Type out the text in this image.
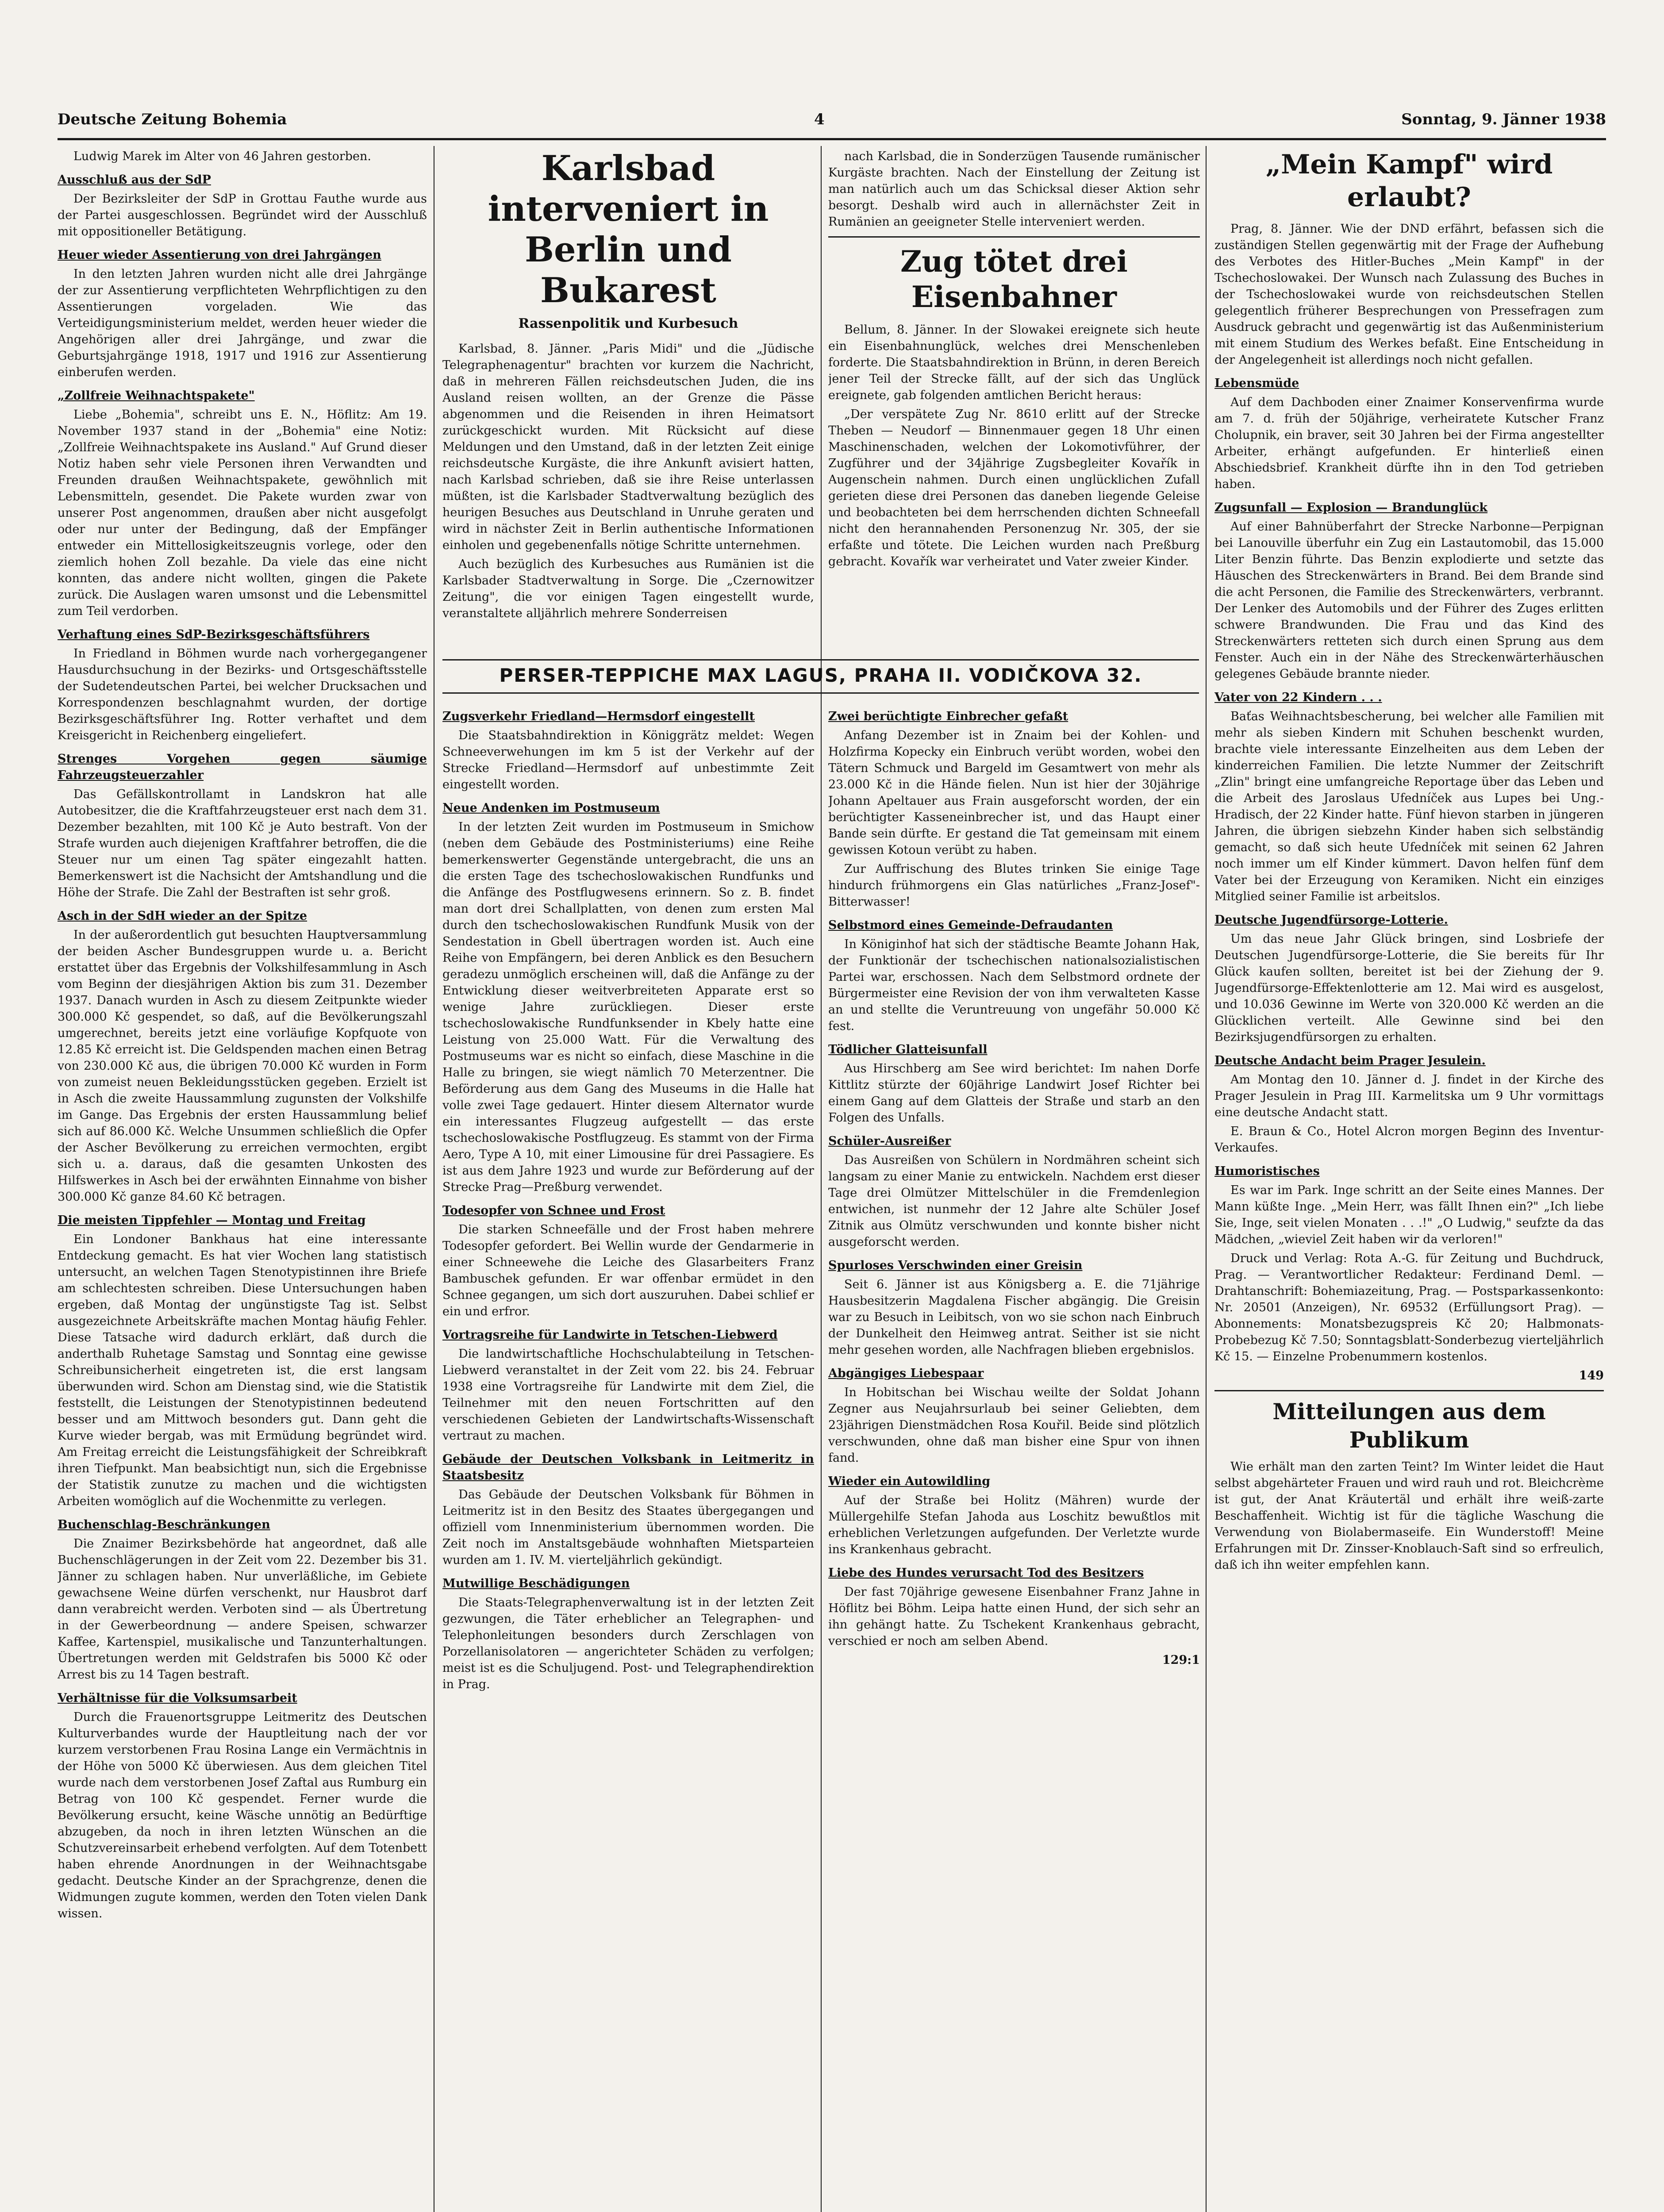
Deutsche Zeitung Bohemia	4	Sonntag, 9. Jänner 1938

Ludwig Marek im Alter von 46 Jahren gestorben.

Ausschluß aus der SdP

Der Bezirksleiter der SdP in Grottau Fauthe wurde aus der Partei ausgeschlossen. Begründet wird der Ausschluß mit oppositioneller Betätigung.

Heuer wieder Assentierung von drei Jahrgängen

In den letzten Jahren wurden nicht alle drei Jahrgänge der zur Assentierung verpflichteten Wehrpflichtigen zu den Assentierungen vorgeladen. Wie das Verteidigungsministerium meldet, werden heuer wieder die Angehörigen aller drei Jahrgänge, und zwar die Geburtsjahrgänge 1918, 1917 und 1916 zur Assentierung einberufen werden.

„Zollfreie Weihnachtspakete"

Liebe „Bohemia", schreibt uns E. N., Höflitz: Am 19. November 1937 stand in der „Bohemia" eine Notiz: „Zollfreie Weihnachtspakete ins Ausland." Auf Grund dieser Notiz haben sehr viele Personen ihren Verwandten und Freunden draußen Weihnachtspakete, gewöhnlich mit Lebensmitteln, gesendet. Die Pakete wurden zwar von unserer Post angenommen, draußen aber nicht ausgefolgt oder nur unter der Bedingung, daß der Empfänger entweder ein Mittellosigkeitszeugnis vorlege, oder den ziemlich hohen Zoll bezahle. Da viele das eine nicht konnten, das andere nicht wollten, gingen die Pakete zurück. Die Auslagen waren umsonst und die Lebensmittel zum Teil verdorben.

Verhaftung eines SdP-Bezirksgeschäftsführers

In Friedland in Böhmen wurde nach vorhergegangener Hausdurchsuchung in der Bezirks- und Ortsgeschäftsstelle der Sudetendeutschen Partei, bei welcher Drucksachen und Korrespondenzen beschlagnahmt wurden, der dortige Bezirksgeschäftsführer Ing. Rotter verhaftet und dem Kreisgericht in Reichenberg eingeliefert.

Strenges Vorgehen gegen säumige Fahrzeugsteuerzahler

Das Gefällskontrollamt in Landskron hat alle Autobesitzer, die die Kraftfahrzeugsteuer erst nach dem 31. Dezember bezahlten, mit 100 Kč je Auto bestraft. Von der Strafe wurden auch diejenigen Kraftfahrer betroffen, die die Steuer nur um einen Tag später eingezahlt hatten. Bemerkenswert ist die Nachsicht der Amtshandlung und die Höhe der Strafe. Die Zahl der Bestraften ist sehr groß.

Asch in der SdH wieder an der Spitze

In der außerordentlich gut besuchten Hauptversammlung der beiden Ascher Bundesgruppen wurde u. a. Bericht erstattet über das Ergebnis der Volkshilfesammlung in Asch vom Beginn der diesjährigen Aktion bis zum 31. Dezember 1937. Danach wurden in Asch zu diesem Zeitpunkte wieder 300.000 Kč gespendet, so daß, auf die Bevölkerungszahl umgerechnet, bereits jetzt eine vorläufige Kopfquote von 12.85 Kč erreicht ist. Die Geldspenden machen einen Betrag von 230.000 Kč aus, die übrigen 70.000 Kč wurden in Form von zumeist neuen Bekleidungsstücken gegeben. Erzielt ist in Asch die zweite Haussammlung zugunsten der Volkshilfe im Gange. Das Ergebnis der ersten Haussammlung belief sich auf 86.000 Kč. Welche Unsummen schließlich die Opfer der Ascher Bevölkerung zu erreichen vermochten, ergibt sich u. a. daraus, daß die gesamten Unkosten des Hilfswerkes in Asch bei der erwähnten Einnahme von bisher 300.000 Kč ganze 84.60 Kč betragen.

Die meisten Tippfehler — Montag und Freitag

Ein Londoner Bankhaus hat eine interessante Entdeckung gemacht. Es hat vier Wochen lang statistisch untersucht, an welchen Tagen Stenotypistinnen ihre Briefe am schlechtesten schreiben. Diese Untersuchungen haben ergeben, daß Montag der ungünstigste Tag ist. Selbst ausgezeichnete Arbeitskräfte machen Montag häufig Fehler. Diese Tatsache wird dadurch erklärt, daß durch die anderthalb Ruhetage Samstag und Sonntag eine gewisse Schreibunsicherheit eingetreten ist, die erst langsam überwunden wird. Schon am Dienstag sind, wie die Statistik feststellt, die Leistungen der Stenotypistinnen bedeutend besser und am Mittwoch besonders gut. Dann geht die Kurve wieder bergab, was mit Ermüdung begründet wird. Am Freitag erreicht die Leistungsfähigkeit der Schreibkraft ihren Tiefpunkt. Man beabsichtigt nun, sich die Ergebnisse der Statistik zunutze zu machen und die wichtigsten Arbeiten womöglich auf die Wochenmitte zu verlegen.

Buchenschlag-Beschränkungen

Die Znaimer Bezirksbehörde hat angeordnet, daß alle Buchenschlägerungen in der Zeit vom 22. Dezember bis 31. Jänner zu schlagen haben. Nur unverläßliche, im Gebiete gewachsene Weine dürfen verschenkt, nur Hausbrot darf dann verabreicht werden. Verboten sind — als Übertretung in der Gewerbeordnung — andere Speisen, schwarzer Kaffee, Kartenspiel, musikalische und Tanzunterhaltungen. Übertretungen werden mit Geldstrafen bis 5000 Kč oder Arrest bis zu 14 Tagen bestraft.

Verhältnisse für die Volksumsarbeit

Durch die Frauenortsgruppe Leitmeritz des Deutschen Kulturverbandes wurde der Hauptleitung nach der vor kurzem verstorbenen Frau Rosina Lange ein Vermächtnis in der Höhe von 5000 Kč überwiesen. Aus dem gleichen Titel wurde nach dem verstorbenen Josef Zaftal aus Rumburg ein Betrag von 100 Kč gespendet. Ferner wurde die Bevölkerung ersucht, keine Wäsche unnötig an Bedürftige abzugeben, da noch in ihren letzten Wünschen an die Schutzvereinsarbeit erhebend verfolgten. Auf dem Totenbett haben ehrende Anordnungen in der Weihnachtsgabe gedacht. Deutsche Kinder an der Sprachgrenze, denen die Widmungen zugute kommen, werden den Toten vielen Dank wissen.

Karlsbad interveniert in Berlin und Bukarest
Rassenpolitik und Kurbesuch

Karlsbad, 8. Jänner. „Paris Midi" und die „Jüdische Telegraphenagentur" brachten vor kurzem die Nachricht, daß in mehreren Fällen reichsdeutschen Juden, die ins Ausland reisen wollten, an der Grenze die Pässe abgenommen und die Reisenden in ihren Heimatsort zurückgeschickt wurden. Mit Rücksicht auf diese Meldungen und den Umstand, daß in der letzten Zeit einige reichsdeutsche Kurgäste, die ihre Ankunft avisiert hatten, nach Karlsbad schrieben, daß sie ihre Reise unterlassen müßten, ist die Karlsbader Stadtverwaltung bezüglich des heurigen Besuches aus Deutschland in Unruhe geraten und wird in nächster Zeit in Berlin authentische Informationen einholen und gegebenenfalls nötige Schritte unternehmen.

Auch bezüglich des Kurbesuches aus Rumänien ist die Karlsbader Stadtverwaltung in Sorge. Die „Czernowitzer Zeitung", die vor einigen Tagen eingestellt wurde, veranstaltete alljährlich mehrere Sonderreisen

nach Karlsbad, die in Sonderzügen Tausende rumänischer Kurgäste brachten. Nach der Einstellung der Zeitung ist man natürlich auch um das Schicksal dieser Aktion sehr besorgt. Deshalb wird auch in allernächster Zeit in Rumänien an geeigneter Stelle interveniert werden.

Zug tötet drei Eisenbahner

Bellum, 8. Jänner. In der Slowakei ereignete sich heute ein Eisenbahnunglück, welches drei Menschenleben forderte. Die Staatsbahndirektion in Brünn, in deren Bereich jener Teil der Strecke fällt, auf der sich das Unglück ereignete, gab folgenden amtlichen Bericht heraus:

„Der verspätete Zug Nr. 8610 erlitt auf der Strecke Theben — Neudorf — Binnenmauer gegen 18 Uhr einen Maschinenschaden, welchen der Lokomotivführer, der Zugführer und der 34jährige Zugsbegleiter Kovařík in Augenschein nahmen. Durch einen unglücklichen Zufall gerieten diese drei Personen das daneben liegende Geleise und beobachteten bei dem herrschenden dichten Schneefall nicht den herannahenden Personenzug Nr. 305, der sie erfaßte und tötete. Die Leichen wurden nach Preßburg gebracht. Kovařík war verheiratet und Vater zweier Kinder.

PERSER-TEPPICHE MAX LAGUS, PRAHA II. VODIČKOVA 32.
Zugsverkehr Friedland—Hermsdorf eingestellt

Die Staatsbahndirektion in Königgrätz meldet: Wegen Schneeverwehungen im km 5 ist der Verkehr auf der Strecke Friedland—Hermsdorf auf unbestimmte Zeit eingestellt worden.

Neue Andenken im Postmuseum

In der letzten Zeit wurden im Postmuseum in Smichow (neben dem Gebäude des Postministeriums) eine Reihe bemerkenswerter Gegenstände untergebracht, die uns an die ersten Tage des tschechoslowakischen Rundfunks und die Anfänge des Postflugwesens erinnern. So z. B. findet man dort drei Schallplatten, von denen zum ersten Mal durch den tschechoslowakischen Rundfunk Musik von der Sendestation in Gbell übertragen worden ist. Auch eine Reihe von Empfängern, bei deren Anblick es den Besuchern geradezu unmöglich erscheinen will, daß die Anfänge zu der Entwicklung dieser weitverbreiteten Apparate erst so wenige Jahre zurückliegen. Dieser erste tschechoslowakische Rundfunksender in Kbely hatte eine Leistung von 25.000 Watt. Für die Verwaltung des Postmuseums war es nicht so einfach, diese Maschine in die Halle zu bringen, sie wiegt nämlich 70 Meterzentner. Die Beförderung aus dem Gang des Museums in die Halle hat volle zwei Tage gedauert. Hinter diesem Alternator wurde ein interessantes Flugzeug aufgestellt — das erste tschechoslowakische Postflugzeug. Es stammt von der Firma Aero, Type A 10, mit einer Limousine für drei Passagiere. Es ist aus dem Jahre 1923 und wurde zur Beförderung auf der Strecke Prag—Preßburg verwendet.

Todesopfer von Schnee und Frost

Die starken Schneefälle und der Frost haben mehrere Todesopfer gefordert. Bei Wellin wurde der Gendarmerie in einer Schneewehe die Leiche des Glasarbeiters Franz Bambuschek gefunden. Er war offenbar ermüdet in den Schnee gegangen, um sich dort auszuruhen. Dabei schlief er ein und erfror.

Vortragsreihe für Landwirte in Tetschen-Liebwerd

Die landwirtschaftliche Hochschulabteilung in Tetschen-Liebwerd veranstaltet in der Zeit vom 22. bis 24. Februar 1938 eine Vortragsreihe für Landwirte mit dem Ziel, die Teilnehmer mit den neuen Fortschritten auf den verschiedenen Gebieten der Landwirtschafts-Wissenschaft vertraut zu machen.

Gebäude der Deutschen Volksbank in Leitmeritz in Staatsbesitz

Das Gebäude der Deutschen Volksbank für Böhmen in Leitmeritz ist in den Besitz des Staates übergegangen und offiziell vom Innenministerium übernommen worden. Die Zeit noch im Anstaltsgebäude wohnhaften Mietsparteien wurden am 1. IV. M. vierteljährlich gekündigt.

Mutwillige Beschädigungen

Die Staats-Telegraphenverwaltung ist in der letzten Zeit gezwungen, die Täter erheblicher an Telegraphen- und Telephonleitungen besonders durch Zerschlagen von Porzellanisolatoren — angerichteter Schäden zu verfolgen; meist ist es die Schuljugend. Post- und Telegraphendirektion in Prag.

Zwei berüchtigte Einbrecher gefaßt

Anfang Dezember ist in Znaim bei der Kohlen- und Holzfirma Kopecky ein Einbruch verübt worden, wobei den Tätern Schmuck und Bargeld im Gesamtwert von mehr als 23.000 Kč in die Hände fielen. Nun ist hier der 30jährige Johann Apeltauer aus Frain ausgeforscht worden, der ein berüchtigter Kasseneinbrecher ist, und das Haupt einer Bande sein dürfte. Er gestand die Tat gemeinsam mit einem gewissen Kotoun verübt zu haben.

Zur Auffrischung des Blutes trinken Sie einige Tage hindurch frühmorgens ein Glas natürliches „Franz-Josef"-Bitterwasser!

Selbstmord eines Gemeinde-Defraudanten

In Königinhof hat sich der städtische Beamte Johann Hak, der Funktionär der tschechischen nationalsozialistischen Partei war, erschossen. Nach dem Selbstmord ordnete der Bürgermeister eine Revision der von ihm verwalteten Kasse an und stellte die Veruntreuung von ungefähr 50.000 Kč fest.

Tödlicher Glatteisunfall

Aus Hirschberg am See wird berichtet: Im nahen Dorfe Kittlitz stürzte der 60jährige Landwirt Josef Richter bei einem Gang auf dem Glatteis der Straße und starb an den Folgen des Unfalls.

Schüler-Ausreißer

Das Ausreißen von Schülern in Nordmähren scheint sich langsam zu einer Manie zu entwickeln. Nachdem erst dieser Tage drei Olmützer Mittelschüler in die Fremdenlegion entwichen, ist nunmehr der 12 Jahre alte Schüler Josef Zitnik aus Olmütz verschwunden und konnte bisher nicht ausgeforscht werden.

Spurloses Verschwinden einer Greisin

Seit 6. Jänner ist aus Königsberg a. E. die 71jährige Hausbesitzerin Magdalena Fischer abgängig. Die Greisin war zu Besuch in Leibitsch, von wo sie schon nach Einbruch der Dunkelheit den Heimweg antrat. Seither ist sie nicht mehr gesehen worden, alle Nachfragen blieben ergebnislos.

Abgängiges Liebespaar

In Hobitschan bei Wischau weilte der Soldat Johann Zegner aus Neujahrsurlaub bei seiner Geliebten, dem 23jährigen Dienstmädchen Rosa Kouřil. Beide sind plötzlich verschwunden, ohne daß man bisher eine Spur von ihnen fand.

Wieder ein Autowildling

Auf der Straße bei Holitz (Mähren) wurde der Müllergehilfe Stefan Jahoda aus Loschitz bewußtlos mit erheblichen Verletzungen aufgefunden. Der Verletzte wurde ins Krankenhaus gebracht.

Liebe des Hundes verursacht Tod des Besitzers

Der fast 70jährige gewesene Eisenbahner Franz Jahne in Höflitz bei Böhm. Leipa hatte einen Hund, der sich sehr an ihn gehängt hatte. Zu Tschekent Krankenhaus gebracht, verschied er noch am selben Abend.

129:1
„Mein Kampf" wird erlaubt?

Prag, 8. Jänner. Wie der DND erfährt, befassen sich die zuständigen Stellen gegenwärtig mit der Frage der Aufhebung des Verbotes des Hitler-Buches „Mein Kampf" in der Tschechoslowakei. Der Wunsch nach Zulassung des Buches in der Tschechoslowakei wurde von reichsdeutschen Stellen gelegentlich früherer Besprechungen von Pressefragen zum Ausdruck gebracht und gegenwärtig ist das Außenministerium mit einem Studium des Werkes befaßt. Eine Entscheidung in der Angelegenheit ist allerdings noch nicht gefallen.

Lebensmüde

Auf dem Dachboden einer Znaimer Konservenfirma wurde am 7. d. früh der 50jährige, verheiratete Kutscher Franz Cholupnik, ein braver, seit 30 Jahren bei der Firma angestellter Arbeiter, erhängt aufgefunden. Er hinterließ einen Abschiedsbrief. Krankheit dürfte ihn in den Tod getrieben haben.

Zugsunfall — Explosion — Brandunglück

Auf einer Bahnüberfahrt der Strecke Narbonne—Perpignan bei Lanouville überfuhr ein Zug ein Lastautomobil, das 15.000 Liter Benzin führte. Das Benzin explodierte und setzte das Häuschen des Streckenwärters in Brand. Bei dem Brande sind die acht Personen, die Familie des Streckenwärters, verbrannt. Der Lenker des Automobils und der Führer des Zuges erlitten schwere Brandwunden. Die Frau und das Kind des Streckenwärters retteten sich durch einen Sprung aus dem Fenster. Auch ein in der Nähe des Streckenwärterhäuschen gelegenes Gebäude brannte nieder.

Vater von 22 Kindern . . .

Baťas Weihnachtsbescherung, bei welcher alle Familien mit mehr als sieben Kindern mit Schuhen beschenkt wurden, brachte viele interessante Einzelheiten aus dem Leben der kinderreichen Familien. Die letzte Nummer der Zeitschrift „Zlin" bringt eine umfangreiche Reportage über das Leben und die Arbeit des Jaroslaus Ufedníček aus Lupes bei Ung.-Hradisch, der 22 Kinder hatte. Fünf hievon starben in jüngeren Jahren, die übrigen siebzehn Kinder haben sich selbständig gemacht, so daß sich heute Ufedníček mit seinen 62 Jahren noch immer um elf Kinder kümmert. Davon helfen fünf dem Vater bei der Erzeugung von Keramiken. Nicht ein einziges Mitglied seiner Familie ist arbeitslos.

Deutsche Jugendfürsorge-Lotterie.

Um das neue Jahr Glück bringen, sind Losbriefe der Deutschen Jugendfürsorge-Lotterie, die Sie bereits für Ihr Glück kaufen sollten, bereitet ist bei der Ziehung der 9. Jugendfürsorge-Effektenlotterie am 12. Mai wird es ausgelost, und 10.036 Gewinne im Werte von 320.000 Kč werden an die Glücklichen verteilt. Alle Gewinne sind bei den Bezirksjugendfürsorgen zu erhalten.

Deutsche Andacht beim Prager Jesulein.

Am Montag den 10. Jänner d. J. findet in der Kirche des Prager Jesulein in Prag III. Karmelitska um 9 Uhr vormittags eine deutsche Andacht statt.

E. Braun & Co., Hotel Alcron morgen Beginn des Inventur-Verkaufes.

Humoristisches

Es war im Park. Inge schritt an der Seite eines Mannes. Der Mann küßte Inge. „Mein Herr, was fällt Ihnen ein?" „Ich liebe Sie, Inge, seit vielen Monaten . . .!" „O Ludwig," seufzte da das Mädchen, „wieviel Zeit haben wir da verloren!"

Druck und Verlag: Rota A.-G. für Zeitung und Buchdruck, Prag. — Verantwortlicher Redakteur: Ferdinand Deml. — Drahtanschrift: Bohemiazeitung, Prag. — Postsparkassenkonto: Nr. 20501 (Anzeigen), Nr. 69532 (Erfüllungsort Prag). — Abonnements: Monatsbezugspreis Kč 20; Halbmonats-Probebezug Kč 7.50; Sonntagsblatt-Sonderbezug vierteljährlich Kč 15. — Einzelne Probenummern kostenlos.

149
Mitteilungen aus dem Publikum

Wie erhält man den zarten Teint? Im Winter leidet die Haut selbst abgehärteter Frauen und wird rauh und rot. Bleichcrème ist gut, der Anat Kräutertäl und erhält ihre weiß-zarte Beschaffenheit. Wichtig ist für die tägliche Waschung die Verwendung von Biolabermaseife. Ein Wunderstoff! Meine Erfahrungen mit Dr. Zinsser-Knoblauch-Saft sind so erfreulich, daß ich ihn weiter empfehlen kann.
